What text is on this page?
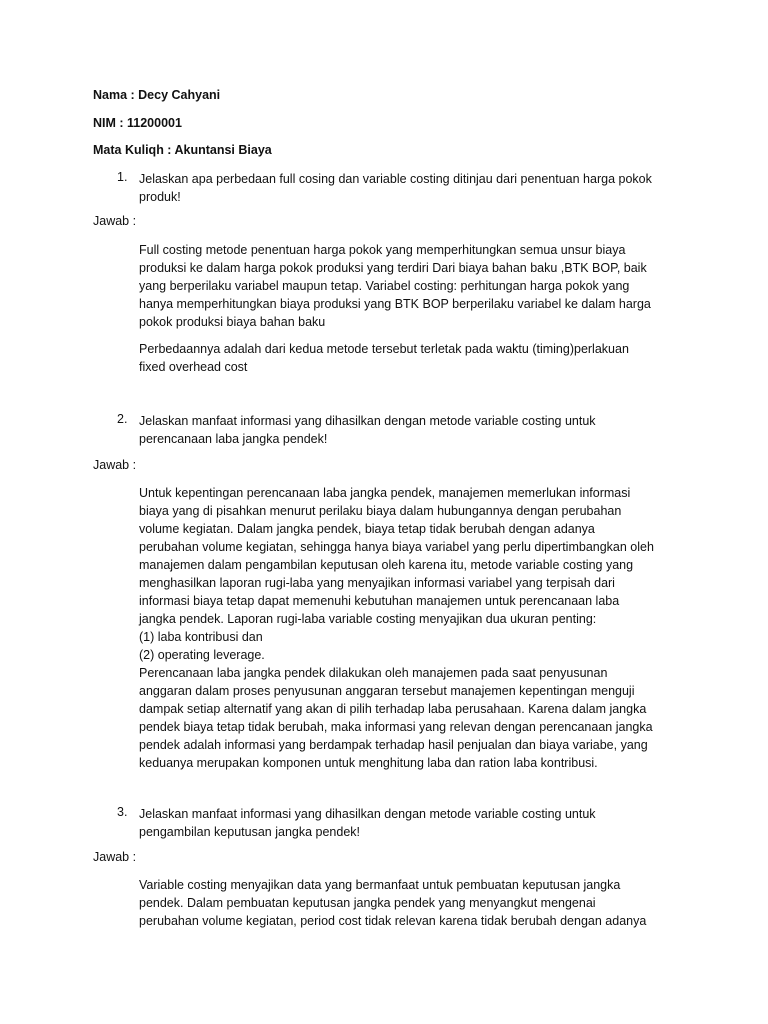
Nama : Decy Cahyani
NIM : 11200001
Mata Kuliqh : Akuntansi Biaya
1. Jelaskan apa perbedaan full cosing dan variable costing ditinjau dari penentuan harga pokok
produk!
Jawab :
Full costing metode penentuan harga pokok yang memperhitungkan semua unsur biaya
produksi ke dalam harga pokok produksi yang terdiri Dari biaya bahan baku ,BTK BOP, baik
yang berperilaku variabel maupun tetap. Variabel costing: perhitungan harga pokok yang
hanya memperhitungkan biaya produksi yang BTK BOP berperilaku variabel ke dalam harga
pokok produksi biaya bahan baku
Perbedaannya adalah dari kedua metode tersebut terletak pada waktu (timing)perlakuan
fixed overhead cost
2. Jelaskan manfaat informasi yang dihasilkan dengan metode variable costing untuk
perencanaan laba jangka pendek!
Jawab :
Untuk kepentingan perencanaan laba jangka pendek, manajemen memerlukan informasi
biaya yang di pisahkan menurut perilaku biaya dalam hubungannya dengan perubahan
volume kegiatan. Dalam jangka pendek, biaya tetap tidak berubah dengan adanya
perubahan volume kegiatan, sehingga hanya biaya variabel yang perlu dipertimbangkan oleh
manajemen dalam pengambilan keputusan oleh karena itu, metode variable costing yang
menghasilkan laporan rugi-laba yang menyajikan informasi variabel yang terpisah dari
informasi biaya tetap dapat memenuhi kebutuhan manajemen untuk perencanaan laba
jangka pendek. Laporan rugi-laba variable costing menyajikan dua ukuran penting:
(1) laba kontribusi dan
(2) operating leverage.
Perencanaan laba jangka pendek dilakukan oleh manajemen pada saat penyusunan
anggaran dalam proses penyusunan anggaran tersebut manajemen kepentingan menguji
dampak setiap alternatif yang akan di pilih terhadap laba perusahaan. Karena dalam jangka
pendek biaya tetap tidak berubah, maka informasi yang relevan dengan perencanaan jangka
pendek adalah informasi yang berdampak terhadap hasil penjualan dan biaya variabe, yang
keduanya merupakan komponen untuk menghitung laba dan ration laba kontribusi.
3. Jelaskan manfaat informasi yang dihasilkan dengan metode variable costing untuk
pengambilan keputusan jangka pendek!
Jawab :
Variable costing menyajikan data yang bermanfaat untuk pembuatan keputusan jangka
pendek. Dalam pembuatan keputusan jangka pendek yang menyangkut mengenai
perubahan volume kegiatan, period cost tidak relevan karena tidak berubah dengan adanya
